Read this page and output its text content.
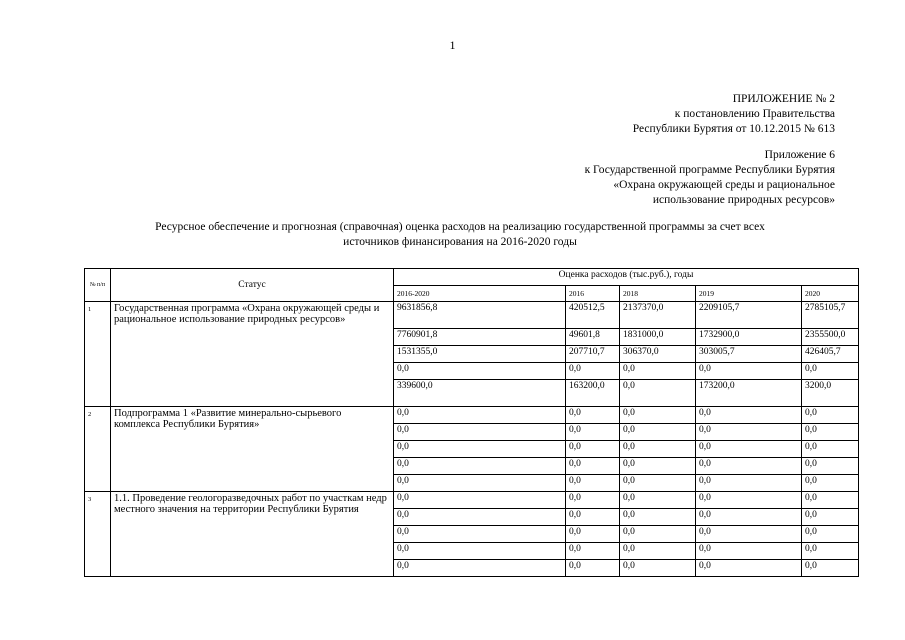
1
ПРИЛОЖЕНИЕ № 2
к постановлению Правительства
Республики Бурятия от 10.12.2015 № 613
Приложение 6
к Государственной программе Республики Бурятия
«Охрана окружающей среды и рациональное
использование природных ресурсов»
Ресурсное обеспечение и прогнозная (справочная) оценка расходов на реализацию государственной программы за счет всех
источников финансирования на 2016-2020 годы
№ п/п	Статус	Оценка расходов (тыс.руб.), годы				
		2016-2020	2016	2018	2019	2020
1	Государственная программа «Охрана окружающей среды и рациональное использование природных ресурсов»	9631856,8	420512,5	2137370,0	2209105,7	2785105,7
		7760901,8	49601,8	1831000,0	1732900,0	2355500,0
		1531355,0	207710,7	306370,0	303005,7	426405,7
		0,0	0,0	0,0	0,0	0,0
		339600,0	163200,0	0,0	173200,0	3200,0
2	Подпрограмма 1 «Развитие минерально-сырьевого комплекса Республики Бурятия»	0,0	0,0	0,0	0,0	0,0
		0,0	0,0	0,0	0,0	0,0
		0,0	0,0	0,0	0,0	0,0
		0,0	0,0	0,0	0,0	0,0
		0,0	0,0	0,0	0,0	0,0
3	1.1. Проведение геологоразведочных работ по участкам недр местного значения на территории Республики Бурятия	0,0	0,0	0,0	0,0	0,0
		0,0	0,0	0,0	0,0	0,0
		0,0	0,0	0,0	0,0	0,0
		0,0	0,0	0,0	0,0	0,0
		0,0	0,0	0,0	0,0	0,0
